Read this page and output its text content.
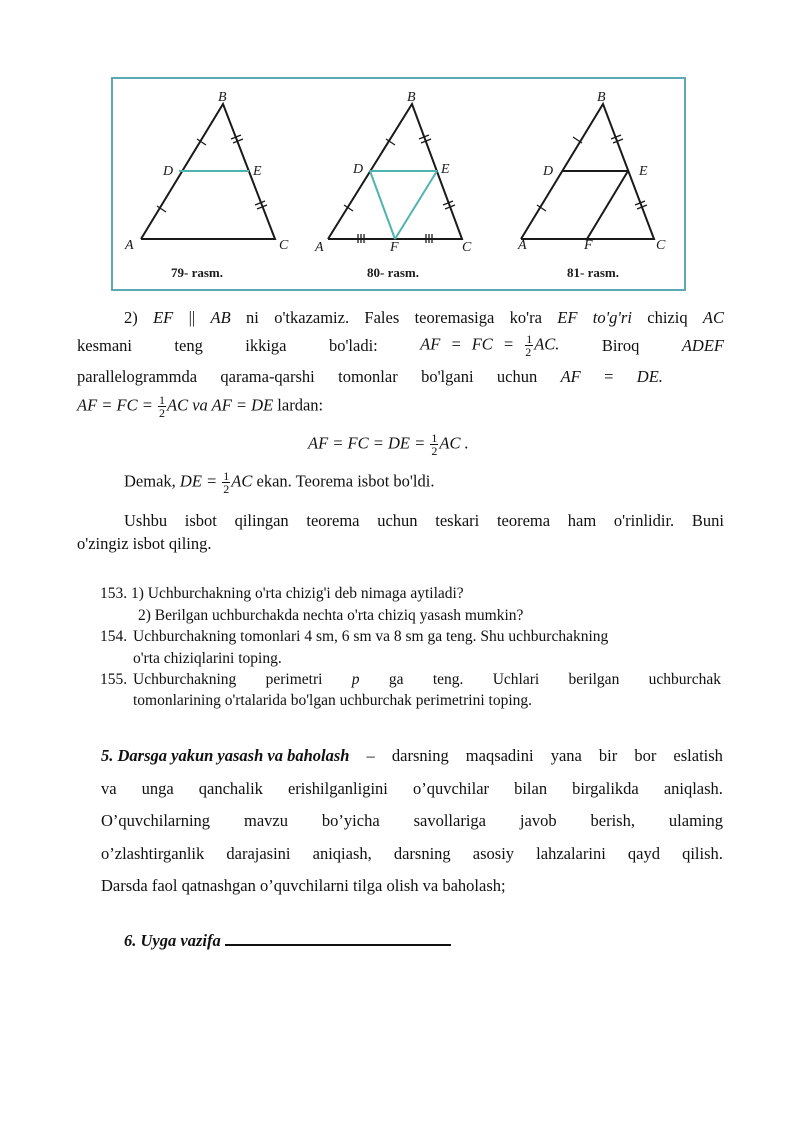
B
D	E
A	C
79- rasm.
B
D	E
A	F	C
80- rasm.
B
D	E
A	F	C
81- rasm.
2) EF || AB ni o'tkazamiz. Fales teoremasiga ko'ra EF to'g'ri chiziq AC
kesmani	teng	ikkiga	bo'ladi:	AF = FC = $\frac{1}{2}$ AC.	Biroq	ADEF
parallelogrammda qarama-qarshi tomonlar bo'lgani uchun AF = DE.
AF = FC = $\frac{1}{2}$ AC va AF = DE lardan:
AF = FC = DE = $\frac{1}{2}$ AC .
Demak, DE = $\frac{1}{2}$ AC ekan. Teorema isbot bo'ldi.
Ushbu isbot qilingan teorema uchun teskari teorema ham o'rinlidir. Buni
o'zingiz isbot qiling.
153. 1) Uchburchakning o'rta chizig'i deb nimaga aytiladi?
2) Berilgan uchburchakda nechta o'rta chiziq yasash mumkin?
154. Uchburchakning tomonlari 4 sm, 6 sm va 8 sm ga teng. Shu uchburchakning
o'rta chiziqlarini toping.
155. Uchburchakning perimetri p ga teng. Uchlari berilgan uchburchak
tomonlarining o'rtalarida bo'lgan uchburchak perimetrini toping.
5. Darsga yakun yasash va baholash – darsning maqsadini yana bir bor eslatish
va unga qanchalik erishilganligini o’quvchilar bilan birgalikda aniqlash.
O’quvchilarning mavzu bo’yicha savollariga javob berish, ulaming
o’zlashtirganlik darajasini aniqiash, darsning asosiy lahzalarini qayd qilish.
Darsda faol qatnashgan o’quvchilarni tilga olish va baholash;
6. Uyga vazifa
